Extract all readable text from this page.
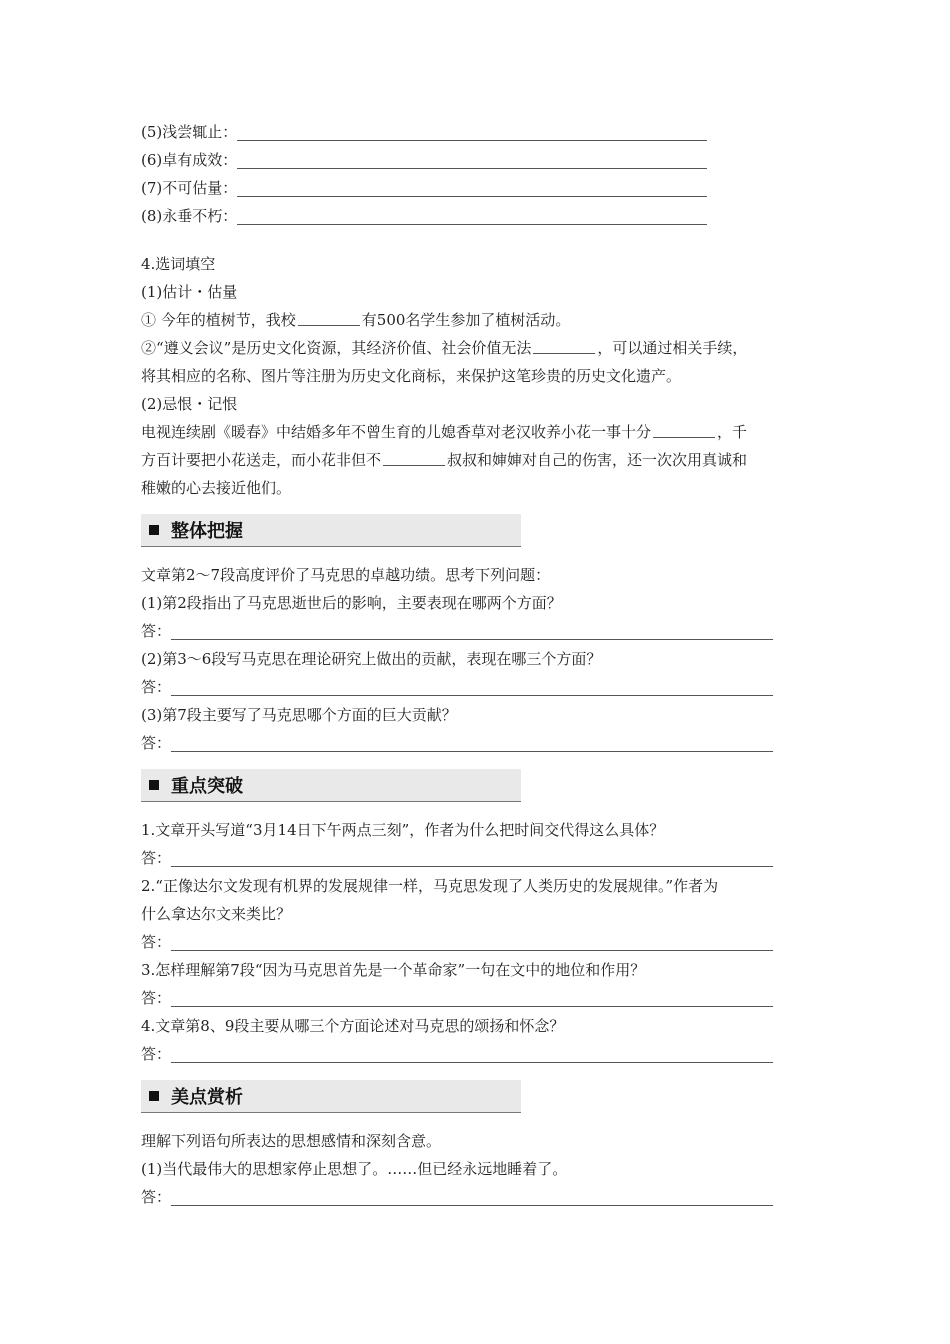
(5)浅尝辄止：
(6)卓有成效：
(7)不可估量：
(8)永垂不朽：
4.选词填空
(1)估计・估量
① 今年的植树节，我校	有500名学生参加了植树活动。
②“遵义会议”是历史文化资源，其经济价值、社会价值无法	，可以通过相关手续，
将其相应的名称、图片等注册为历史文化商标，来保护这笔珍贵的历史文化遗产。
(2)忌恨・记恨
电视连续剧《暖春》中结婚多年不曾生育的儿媳香草对老汉收养小花一事十分	，千
方百计要把小花送走，而小花非但不	叔叔和婶婶对自己的伤害，还一次次用真诚和
稚嫩的心去接近他们。
整体把握
文章第2～7段高度评价了马克思的卓越功绩。思考下列问题：
(1)第2段指出了马克思逝世后的影响，主要表现在哪两个方面？
答：
(2)第3～6段写马克思在理论研究上做出的贡献，表现在哪三个方面？
答：
(3)第7段主要写了马克思哪个方面的巨大贡献？
答：
重点突破
1.文章开头写道“3月14日下午两点三刻”，作者为什么把时间交代得这么具体？
答：
2.“正像达尔文发现有机界的发展规律一样，马克思发现了人类历史的发展规律。”作者为
什么拿达尔文来类比？
答：
3.怎样理解第7段“因为马克思首先是一个革命家”一句在文中的地位和作用？
答：
4.文章第8、9段主要从哪三个方面论述对马克思的颂扬和怀念？
答：
美点赏析
理解下列语句所表达的思想感情和深刻含意。
(1)当代最伟大的思想家停止思想了。……但已经永远地睡着了。
答：
